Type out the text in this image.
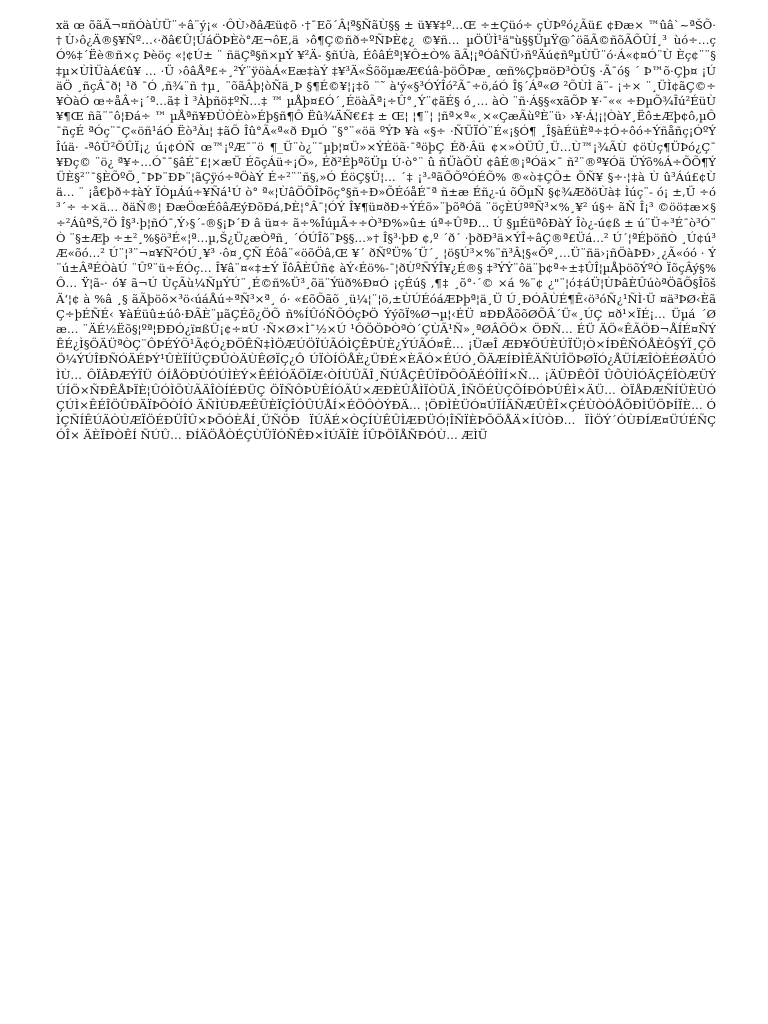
xä œ õãÃ¬¤ñÓàÙÜ¨÷â¨ý¡« ·ÔÙ›ðâÆü¢õ ·†¯Eõ´Â¦ª§ÑãÙ§§ ± ü¥¥‡º…Œ ÷±Çüó÷ çÙÞºó¿Ãü£ ¢Ðæ× ™ûâ`~ªŠÕ·†Ù›ô¿Ä®§¥Ñº…‹·ðâ€Û¦ÚáÖÞÈò°Æ¬ôE,ä ›ô¶Ç©ñð÷ºÑÞÈ¢¿ ©¥ñ… µÖÜÌ¹ä"ù§§ÜµŸ@ˆöãÃ©ñõÃÕÛÍ¸³ ùó÷…çÓ%‡´Ëè®ñ×ç Þèöç «¦¢Ú± ¨ ñäÇª§ñ×µÝ ¥²Ä- §ñÚà‚ ÉôâÉª¦¥Ô±Ò% ãÃ¦¡ªÓâÑÜ›ñºÄú¢ñºµÙÜ¨ó·Á«¢¤Ó¨Ù Èç¢¨¨§ ‡µ×ÙÌÜàÁ€û¥ … ·Ü ›ôâÅª£÷¸²Ý¨ÿöàÁ«Eæ‡àÝ ‡¥³Ä«ŠõõµæÆ€úâ-þöÕÞæ¸ œñ%Çþ¤öÐ³ÒÛ§ ·Ã¯ó§ ´ Þ™õ·Çþ¤ ¡ÚäÖ ¸ñçÂ¯ð¦ ¹ð ¯Ó ,ñ¾¨ñ †µ¸ ¨õãÂþ¦òÑä¸Þ §¶É©¥¦¡‡õ ¨˜ à'ý«§³ÓÝÎó²Ã¯÷ö,áÓ Î§´Áª«Ø ²ÕÙÌ ã¨- ¡÷× ¨¸ÜÌ¢ãÇ©÷¥ÒàÓ œ÷åÂ÷¡´ª…ã‡ Ì ³Àþñö‡ºÑ…‡ ™ µÅþ¤£Ó´¸ÉöàÃª¡÷Û°¸Ý¨¢ãÉ§ ó¸… àÒ ¨ñ·Á§§«xãÕÞ ¥·¯«« ÷ÐµÕ¾Îú²ÉüÙ¥¶Œ ñã¨¯ô¦Ðá÷ ™ µÅªñ¥ÐÜÒÈò»Éþ§ñ¶Ô Ëû¾ÄÑ€£‡ ± Œ¦ ¦¶¨¦ ¦ñª×ª«¸×«ÇæÃùºÈ¨ü› ›¥·Á¦¡¦ÒàY¸Ëô±Æþ¢ô,µÔ ¯ñçÉ ªÓç¨¯Ç«öñ¹áÓ Ëò³Àı¦ ‡ãÕ Îû°Ã«ª«ð ÐµÓ ¨§°¨«öä ºÝÞ ¥à «§÷ ·ÑÜÏÓ¨É«¡§Ó¶ ¸Î§àÉüÈª÷‡Ó÷ôó÷Ýñåñç¡ÓºÝ Îúä· -ªôÜ²ÕÛÏ¡¿ ú¡¢ÓÑ œ™¡ºÆ¯¨ö ¶_Ü¨ò¿¨¯µþ¦¤Ü»×ÝÉöã·¯ªöþÇ Éð·Âü ¢×»ÒÜÛ¸Ü…Ù™¡¾ÃÙ ¢öÙç¶ÜÞó¿Ç¯ ¥Ðç© ¨ö¿ ª¥÷…Ó¯¯§âÉ¯£¦×æÜ ÉõçÁü÷¡Õ», Éð²ÉþªõÜµ Ú·ò°¨ û ñÜàÕÙ ¢âÉ®¡ªÓä×¯ ñ²¨®ª¥Óä ÜÝõ%Á÷ÕÕ¶ÝÜÈ§²¨¯§ÈÕºÕ¸¯ÞÞ¨ÐÞ¨¦ãÇÿó÷ªÖàÝ É÷²¨¨ñ§,»Ó ÉöÇ§Ü¦… ´‡ ¡³-ªãÕÕºÓÉÕ% ®«ò‡ÇÕ± ÕÑ¥ §÷·¦‡à Ù û³Áú£¢Ùä… ¨ ¡å€þð÷‡àÝ ÏÒµÁú÷¥Ñá¹Ú ò° ª«¦ÙâÖÕÎÞõç°§ñ÷Ð»ÕÉóåÉ¯ª ñ±æ Éñ¿-ú õÕµÑ §¢¾ÆðöÙà‡ Ìúç¨- ó¡ ±,Ü ÷ó³´÷ ÷×ä… ðäÑ®¦ ÐæÖœÉôâÆýÐõÐá,ÞÈ¦°Â¯¦ÓÝ Î¥¶ü¤ðÐ÷ÝÉõ»¨þõªÓã ¨öçÈÚªªÑ³×%¸¥² ú§÷ ãÑ Î¡³ ©öö‡æ×§ ÷²ÁûªŠ,²Ö Î§³·þ¦ñÓ¯‚Ý›§´-®§¡Þ´Ð â ü¤÷ ã÷%ÎúµÃ÷÷Ò³Ð%»û± úª÷ÛªÐ… Ú §µÉüªôÐàÝ Îò¿-ú¢ß ± ú¨Ü÷³É¯ò³Ó¨Ò ¨§±Æþ ÷±²¸%§ö³É«¦ª…µ‚Š¿Ü¿æÒªñ¸ ´ÓÚÎõ¨Þ§§…»† Î§³·þÐ ¢,º ´ð´ ·þðÐ³ä×ÝÎ÷âÇ®ª£Üá…² Ú´¦ªÉþöñÒ ¸Ú¢ú³Æ«õó…² Ú¨¦³¨¬¤¥Ñ²ÓÚ¸¥³ ·ô¤¸ÇÑ Éôâ¨«öõÖâ,Œ ¥´ ðÑºÜ%´Ü´¸ ¦ö§Ú³×%¨ñ³Â¦§«Õº¸…Ü¨ñä›¡ñÖàÞÐ›¸¿Ã«óó · Ý¨ú±ÂªÉÒàÚ ¨Ûº¨ü÷ÉÓç… Î¥â¨¤«‡±Ý ÏôÂÈÛñ¢ àÝ‹Éö%-¯¦ðÙºÑÝÎ¥¿É®§ ‡³ÝÝ¨ôä¨þ¢ª÷±‡ÛÎ¦µÅþöõÝºÒ ÏõçÂý§%Ô… Ÿ¦ã-· ó¥ ã¬Ú ÙçÃù¼ÑµÝÚ¨¸É©ñ%Ü³¸õä¨Ýüð%Ð¤Ó ¡çÉú§ ,¶‡ ¸õ°·´© ×á %¨¢ ¿"¨¦ó‡áÜ¦ÙÞâÈÛúòªÖãÕ§ÎõšÄ‘¦¢ à %â ¸§ ãÃþöõ×³ö‹úáÅú÷ªÑ³×ª¸ ó· «£õÕãõ ¸ü¼¦¨¦ö‚±ÙÚÉóáÆÞþª¦ä¸Ü Ú¸ÐÓÂÙÉ¶Ê‹ö³óÑ¿¹ÑÌ·Ü ¤ä³ÞØ‹ÈãÇ÷þÉÑÉ‹ ¥àÉüû±úô·ÐÃÈ¨µãÇÉõ¿ÖÕ ñ%ÍÛóÑÕÓçÞÖ ÝýõÏ%Ø¬µ¦‹ÉÜ ¤ÐÐÅõõØÕÂ´Ü«¸ÚÇ ¤ð¹×ÏÉ¡… Üµá ´Øæ… ¨ÄÉ½Ëõ§¦ºª¦ÐÐÓ¿ï¤ßÜ¡¢÷¤Ú ·Ñ×Ø×Ì¯½×Ú ¹ÔÖÖÞÒªÒ´ÇÙÃ¹Ñ»¸ªØÂÕÖ× ÖÐÑ… ÉÜ ÄÖ«ÊÃÖÐ¬ÅÍÉ¤ÑÝÊÉ¿Ì§ÖÄÜªÒÇ¨ÔÞÉÝÖ¹Ã¢Ó¿ÐÖÊÑ‡ÌÖÆÚÖÏÚÃÓÌÇÊÞÙÈ¿ÝÚÃÓ¤Ê… ¡ÜæÎ ÆÐ¥ÖÚÈÚÏÜ¦Ò×ÍÐÊÑÓÅÈÔ§ÝÏ¸ÇÕÖ¼ÝÚÎÐÑÓÄÉÞÝ¹ÛÈÏÍÜÇÐÛÒÄÙÊØÏÇ¿Ô ÚÏÒÍÖÅÈ¿ÜÐÉ×ÈÃÓ×ÉÚÓ¸ÕÄÆÍÐÌÊÄÑÙÎÖÞØÏÓ¿ÅÜÍÆÎÒÈÉØÄÛÓÌÙ… ÔÏÂÐÆÝÏÜ ÓÍÅÖÐÙÓÚÌÈÝ×ÊÉÌÓÄÖÏÆ‹ÒÍÙÜÃÎ¸ÑÚÅÇÊÛÏÐÕÔÄÉÓÎÌÍ×Ñ… ¡ÄÜÐÊÔÏ ÛÕÙÌÓÄÇÉÎÒÆÜÝÚÍÖ×ÑÐÊÅÞÏÈ¦ÛÓÌÕÙÃÄÎÒÍÉÐÜÇ ÖÏÑÔÞÙÊÍÓÃÚ×ÆÐÈÛÅÌÏÒÜÄ¸ÎÑÖÉÙÇÕÍÐÓÞÚÊÌ×ÄÜ… ÒÏÅÐÆÑÍÜÈÙÓÇÚÌ×ÊÉÎÖÛÐÄÏÞÕÒÍÓ ÄÑÌÙÐÆÊÜÈÏÇÎÓÛÚÅÍ×ÉÖÔÒÝÐÄ… ¦ÖÐÌÈÜÓ¤ÚÏÍÄÑÆÛÊÎ×ÇÉÙÒÓÅÕÐÌÜÖÞÍÏÈ… ÓÌÇÑÍÊÚÄÒÙÆÏÖÉÐÜÎÛ×ÞÕÓÈÅÍ¸ÜÑÖÐ ÏÚÄÉ×ÒÇÍÙÊÛÌÆÐÜÓ¦ÎÑÏÈÞÕÖÅÄ×ÍÙÒÐ… ÏÌÖÝ´ÓÙÐÍÆ¤ÜÚÉÑÇ ÓÎ× ÄÈÏÐÒÊÍ ÑÚÛ… ÐÍÄÖÅÒÉÇÙÜÏÓÑÊÐ×ÌÚÄÎÈ ÍÛÞÖÏÅÑÐÓÙ… ÆÌÜ
